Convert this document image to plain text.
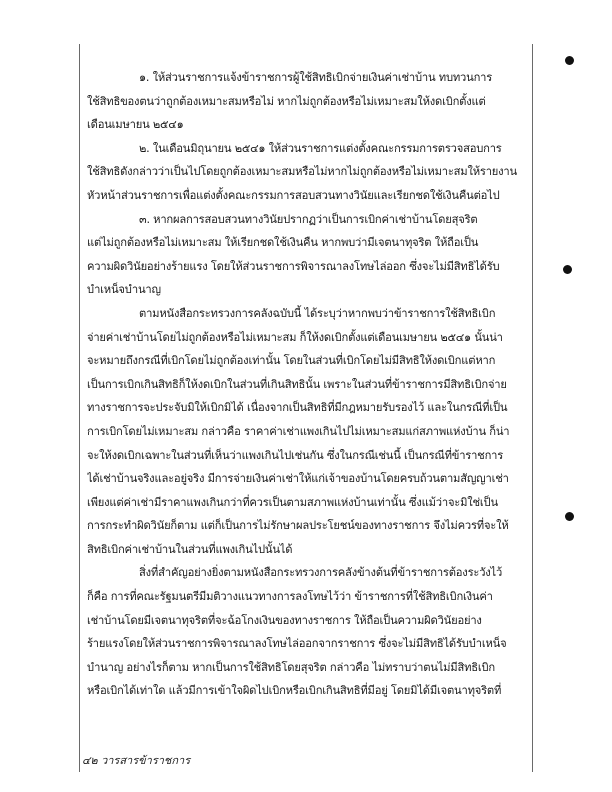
๑. ให้ส่วนราชการแจ้งข้าราชการผู้ใช้สิทธิเบิกจ่ายเงินค่าเช่าบ้าน ทบทวนการ
ใช้สิทธิของตนว่าถูกต้องเหมาะสมหรือไม่ หากไม่ถูกต้องหรือไม่เหมาะสมให้งดเบิกตั้งแต่
เดือนเมษายน ๒๕๔๑
๒. ในเดือนมิถุนายน ๒๕๔๑ ให้ส่วนราชการแต่งตั้งคณะกรรมการตรวจสอบการ
ใช้สิทธิดังกล่าวว่าเป็นไปโดยถูกต้องเหมาะสมหรือไม่หากไม่ถูกต้องหรือไม่เหมาะสมให้รายงาน
หัวหน้าส่วนราชการเพื่อแต่งตั้งคณะกรรมการสอบสวนทางวินัยและเรียกชดใช้เงินคืนต่อไป
๓. หากผลการสอบสวนทางวินัยปรากฏว่าเป็นการเบิกค่าเช่าบ้านโดยสุจริต
แต่ไม่ถูกต้องหรือไม่เหมาะสม ให้เรียกชดใช้เงินคืน หากพบว่ามีเจตนาทุจริต ให้ถือเป็น
ความผิดวินัยอย่างร้ายแรง โดยให้ส่วนราชการพิจารณาลงโทษไล่ออก ซึ่งจะไม่มีสิทธิได้รับ
บำเหน็จบำนาญ
ตามหนังสือกระทรวงการคลังฉบับนี้ ได้ระบุว่าหากพบว่าข้าราชการใช้สิทธิเบิก
จ่ายค่าเช่าบ้านโดยไม่ถูกต้องหรือไม่เหมาะสม ก็ให้งดเบิกตั้งแต่เดือนเมษายน ๒๕๔๑ นั้นน่า
จะหมายถึงกรณีที่เบิกโดยไม่ถูกต้องเท่านั้น โดยในส่วนที่เบิกโดยไม่มีสิทธิให้งดเบิกแต่หาก
เป็นการเบิกเกินสิทธิก็ให้งดเบิกในส่วนที่เกินสิทธินั้น เพราะในส่วนที่ข้าราชการมีสิทธิเบิกจ่าย
ทางราชการจะประจับมิให้เบิกมิได้ เนื่องจากเป็นสิทธิที่มีกฎหมายรับรองไว้ และในกรณีที่เป็น
การเบิกโดยไม่เหมาะสม กล่าวคือ ราคาค่าเช่าแพงเกินไปไม่เหมาะสมแก่สภาพแห่งบ้าน ก็น่า
จะให้งดเบิกเฉพาะในส่วนที่เห็นว่าแพงเกินไปเช่นกัน ซึ่งในกรณีเช่นนี้ เป็นกรณีที่ข้าราชการ
ได้เช่าบ้านจริงและอยู่จริง มีการจ่ายเงินค่าเช่าให้แก่เจ้าของบ้านโดยครบถ้วนตามสัญญาเช่า
เพียงแต่ค่าเช่ามีราคาแพงเกินกว่าที่ควรเป็นตามสภาพแห่งบ้านเท่านั้น ซึ่งแม้ว่าจะมิใช่เป็น
การกระทำผิดวินัยก็ตาม แต่ก็เป็นการไม่รักษาผลประโยชน์ของทางราชการ จึงไม่ควรที่จะให้
สิทธิเบิกค่าเช่าบ้านในส่วนที่แพงเกินไปนั้นได้
สิ่งที่สำคัญอย่างยิ่งตามหนังสือกระทรวงการคลังข้างต้นที่ข้าราชการต้องระวังไว้
ก็คือ การที่คณะรัฐมนตรีมีมติวางแนวทางการลงโทษไว้ว่า ข้าราชการที่ใช้สิทธิเบิกเงินค่า
เช่าบ้านโดยมีเจตนาทุจริตที่จะฉ้อโกงเงินของทางราชการ ให้ถือเป็นความผิดวินัยอย่าง
ร้ายแรงโดยให้ส่วนราชการพิจารณาลงโทษไล่ออกจากราชการ ซึ่งจะไม่มีสิทธิได้รับบำเหน็จ
บำนาญ อย่างไรก็ตาม หากเป็นการใช้สิทธิโดยสุจริต กล่าวคือ ไม่ทราบว่าตนไม่มีสิทธิเบิก
หรือเบิกได้เท่าใด แล้วมีการเข้าใจผิดไปเบิกหรือเบิกเกินสิทธิที่มีอยู่ โดยมิได้มีเจตนาทุจริตที่
๔๒ วารสารข้าราชการ
